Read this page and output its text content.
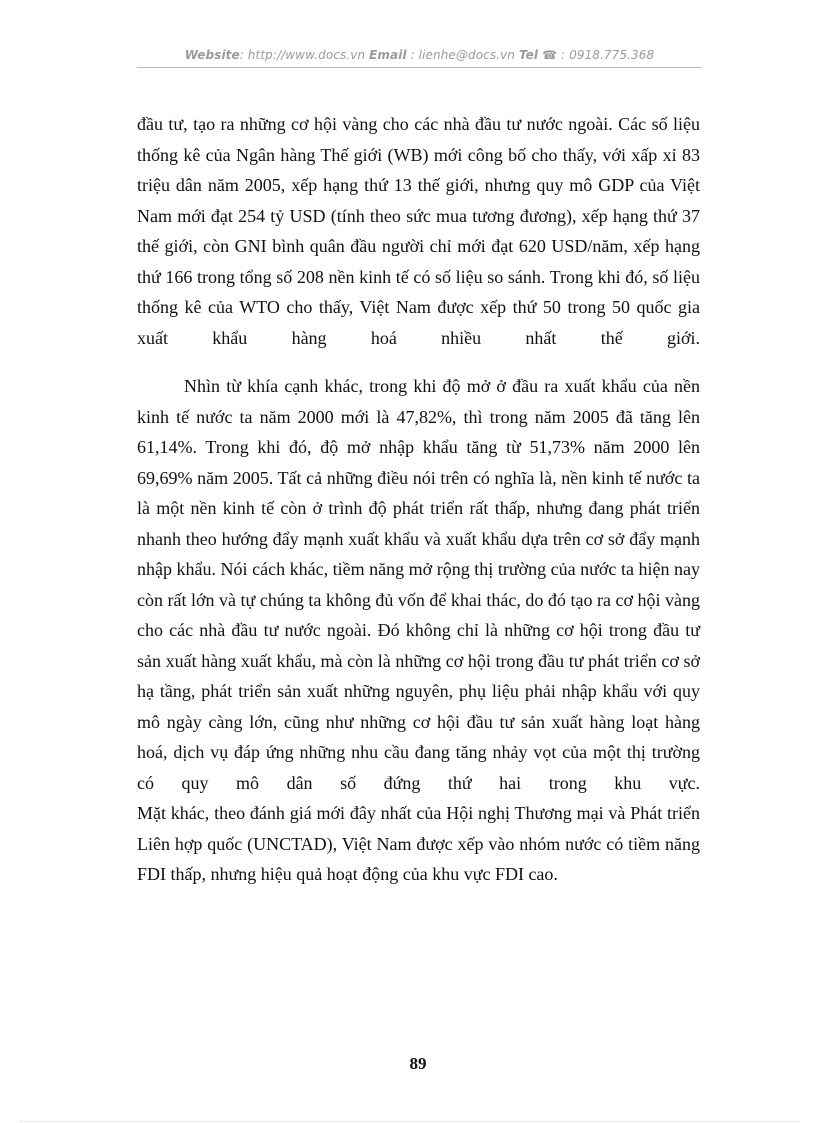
Website: http://www.docs.vn Email : lienhe@docs.vn Tel ☎ : 0918.775.368

đầu tư, tạo ra những cơ hội vàng cho các nhà đầu tư nước ngoài. Các số liệu thống kê của Ngân hàng Thế giới (WB) mới công bố cho thấy, với xấp xỉ 83 triệu dân năm 2005, xếp hạng thứ 13 thế giới, nhưng quy mô GDP của Việt Nam mới đạt 254 tỷ USD (tính theo sức mua tương đương), xếp hạng thứ 37 thế giới, còn GNI bình quân đầu người chỉ mới đạt 620 USD/năm, xếp hạng thứ 166 trong tổng số 208 nền kinh tế có số liệu so sánh. Trong khi đó, số liệu thống kê của WTO cho thấy, Việt Nam được xếp thứ 50 trong 50 quốc gia xuất khẩu hàng hoá nhiều nhất thế giới.

Nhìn từ khía cạnh khác, trong khi độ mở ở đầu ra xuất khẩu của nền kinh tế nước ta năm 2000 mới là 47,82%, thì trong năm 2005 đã tăng lên 61,14%. Trong khi đó, độ mở nhập khẩu tăng từ 51,73% năm 2000 lên 69,69% năm 2005. Tất cả những điều nói trên có nghĩa là, nền kinh tế nước ta là một nền kinh tế còn ở trình độ phát triển rất thấp, nhưng đang phát triển nhanh theo hướng đẩy mạnh xuất khẩu và xuất khẩu dựa trên cơ sở đẩy mạnh nhập khẩu. Nói cách khác, tiềm năng mở rộng thị trường của nước ta hiện nay còn rất lớn và tự chúng ta không đủ vốn để khai thác, do đó tạo ra cơ hội vàng cho các nhà đầu tư nước ngoài. Đó không chỉ là những cơ hội trong đầu tư sản xuất hàng xuất khẩu, mà còn là những cơ hội trong đầu tư phát triển cơ sở hạ tầng, phát triển sản xuất những nguyên, phụ liệu phải nhập khẩu với quy mô ngày càng lớn, cũng như những cơ hội đầu tư sản xuất hàng loạt hàng hoá, dịch vụ đáp ứng những nhu cầu đang tăng nhảy vọt của một thị trường có quy mô dân số đứng thứ hai trong khu vực.

Mặt khác, theo đánh giá mới đây nhất của Hội nghị Thương mại và Phát triển Liên hợp quốc (UNCTAD), Việt Nam được xếp vào nhóm nước có tiềm năng FDI thấp, nhưng hiệu quả hoạt động của khu vực FDI cao.

89
